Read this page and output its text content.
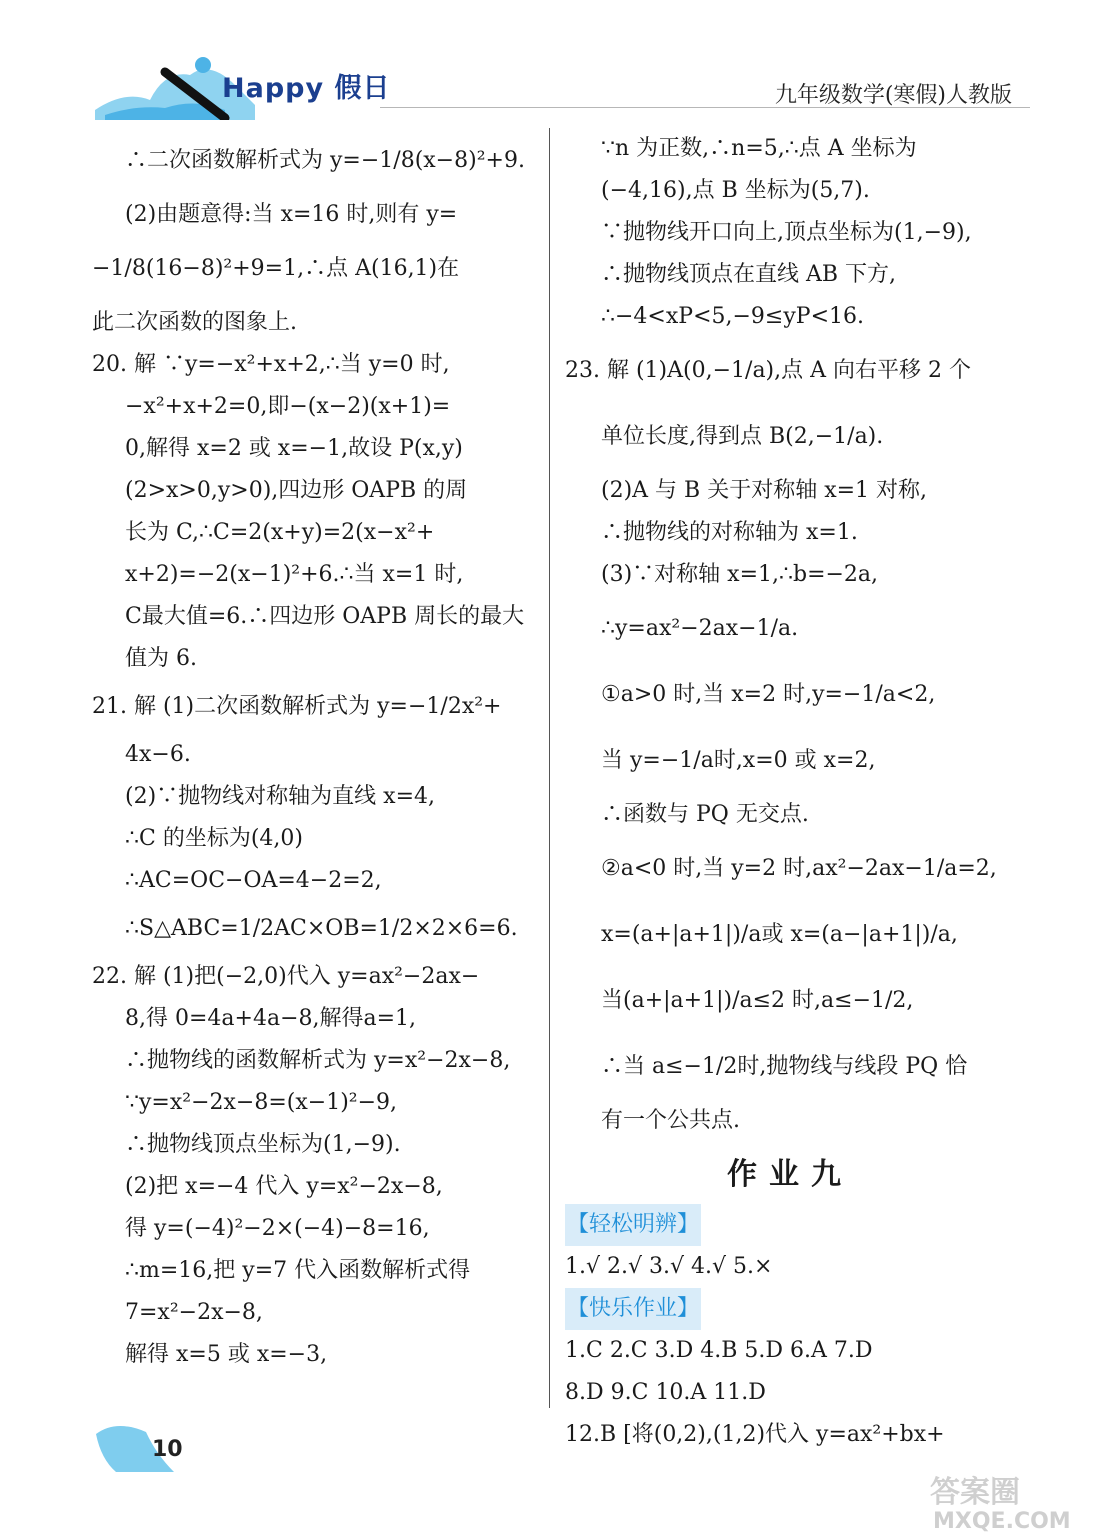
Happy 假日	九年级数学(寒假)人教版
∴二次函数解析式为 y=−1/8(x−8)²+9.
(2)由题意得:当 x=16 时,则有 y=
−1/8(16−8)²+9=1,∴点 A(16,1)在
此二次函数的图象上.
20. 解 ∵y=−x²+x+2,∴当 y=0 时,
−x²+x+2=0,即−(x−2)(x+1)=
0,解得 x=2 或 x=−1,故设 P(x,y)
(2>x>0,y>0),四边形 OAPB 的周
长为 C,∴C=2(x+y)=2(x−x²+
x+2)=−2(x−1)²+6.∴当 x=1 时,
C最大值=6.∴四边形 OAPB 周长的最大
值为 6.
21. 解 (1)二次函数解析式为 y=−1/2x²+
4x−6.
(2)∵抛物线对称轴为直线 x=4,
∴C 的坐标为(4,0)
∴AC=OC−OA=4−2=2,
∴S△ABC=1/2AC×OB=1/2×2×6=6.
22. 解 (1)把(−2,0)代入 y=ax²−2ax−
8,得 0=4a+4a−8,解得a=1,
∴抛物线的函数解析式为 y=x²−2x−8,
∵y=x²−2x−8=(x−1)²−9,
∴抛物线顶点坐标为(1,−9).
(2)把 x=−4 代入 y=x²−2x−8,
得 y=(−4)²−2×(−4)−8=16,
∴m=16,把 y=7 代入函数解析式得
7=x²−2x−8,
解得 x=5 或 x=−3,
∵n 为正数,∴n=5,∴点 A 坐标为
(−4,16),点 B 坐标为(5,7).
∵抛物线开口向上,顶点坐标为(1,−9),
∴抛物线顶点在直线 AB 下方,
∴−4<xP<5,−9≤yP<16.
23. 解 (1)A(0,−1/a),点 A 向右平移 2 个
单位长度,得到点 B(2,−1/a).
(2)A 与 B 关于对称轴 x=1 对称,
∴抛物线的对称轴为 x=1.
(3)∵对称轴 x=1,∴b=−2a,
∴y=ax²−2ax−1/a.
①a>0 时,当 x=2 时,y=−1/a<2,
当 y=−1/a时,x=0 或 x=2,
∴函数与 PQ 无交点.
②a<0 时,当 y=2 时,ax²−2ax−1/a=2,
x=(a+|a+1|)/a或 x=(a−|a+1|)/a,
当(a+|a+1|)/a≤2 时,a≤−1/2,
∴当 a≤−1/2时,抛物线与线段 PQ 恰
有一个公共点.
作业九
【轻松明辨】
1.√ 2.√ 3.√ 4.√ 5.×
【快乐作业】
1.C 2.C 3.D 4.B 5.D 6.A 7.D
8.D 9.C 10.A 11.D
12.B [将(0,2),(1,2)代入 y=ax²+bx+
10
答案圈
MXQE.COM
